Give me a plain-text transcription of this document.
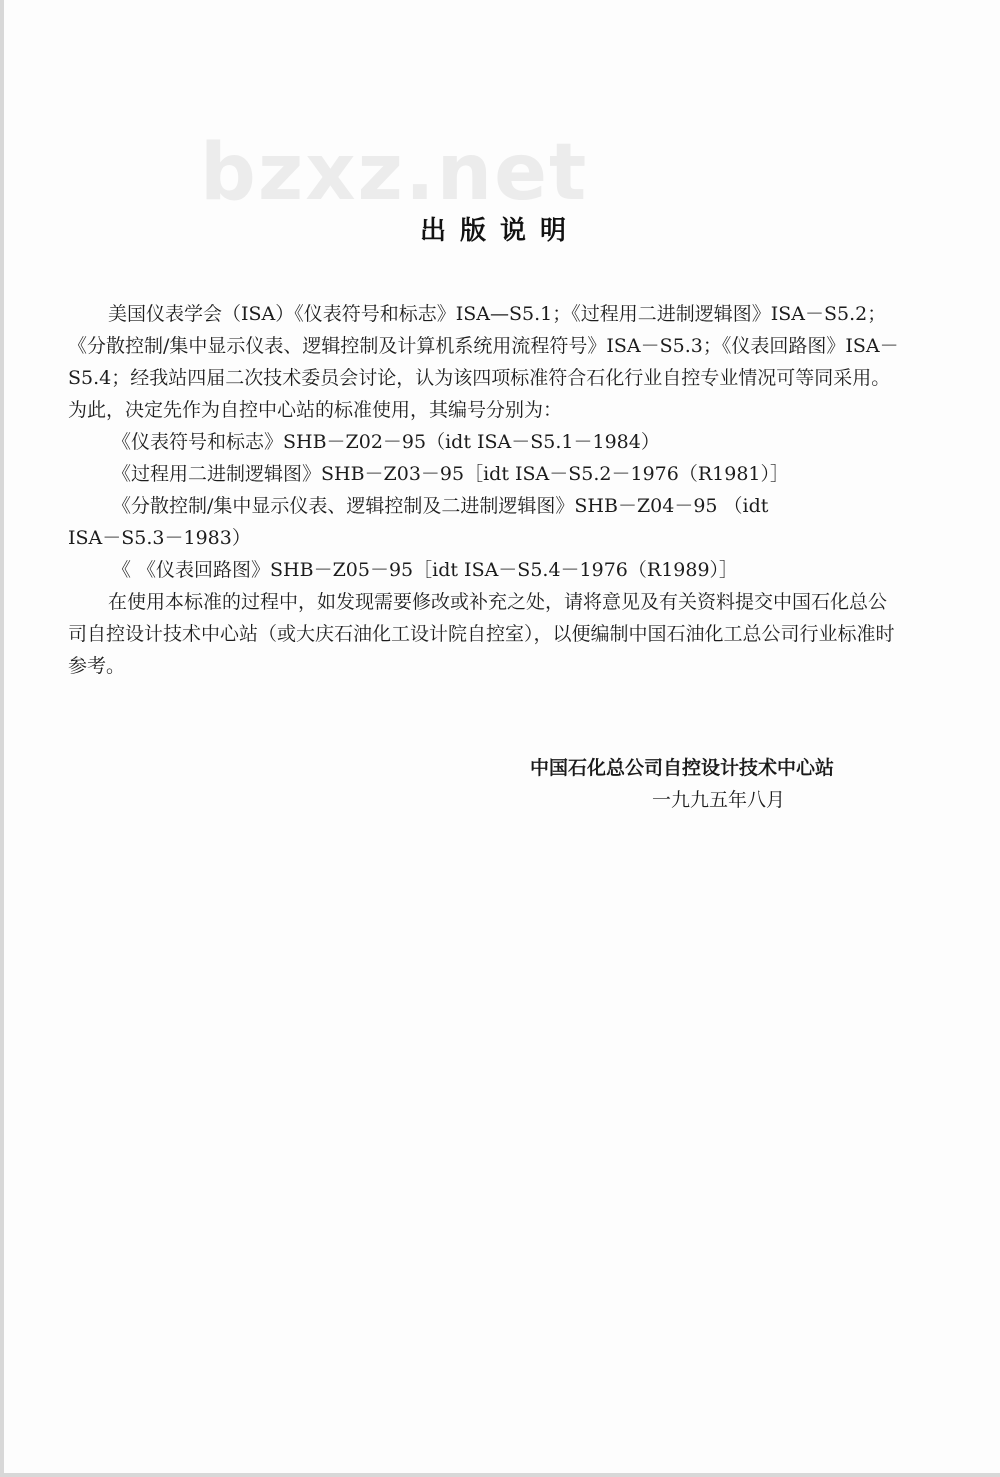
bzxz.net
出版说明

美国仪表学会（ISA）《仪表符号和标志》ISA—S5.1；《过程用二进制逻辑图》ISA－S5.2；《分散控制/集中显示仪表、逻辑控制及计算机系统用流程符号》ISA－S5.3；《仪表回路图》ISA－S5.4；经我站四届二次技术委员会讨论，认为该四项标准符合石化行业自控专业情况可等同采用。为此，决定先作为自控中心站的标准使用，其编号分别为：

《仪表符号和标志》SHB－Z02－95（idt ISA－S5.1－1984）

《过程用二进制逻辑图》SHB－Z03－95［idt ISA－S5.2－1976（R1981）］

《分散控制/集中显示仪表、逻辑控制及二进制逻辑图》SHB－Z04－95 （idt

ISA－S5.3－1983）

《 《仪表回路图》SHB－Z05－95［idt ISA－S5.4－1976（R1989）］

在使用本标准的过程中，如发现需要修改或补充之处，请将意见及有关资料提交中国石化总公司自控设计技术中心站（或大庆石油化工设计院自控室），以便编制中国石油化工总公司行业标准时参考。

中国石化总公司自控设计技术中心站
一九九五年八月
